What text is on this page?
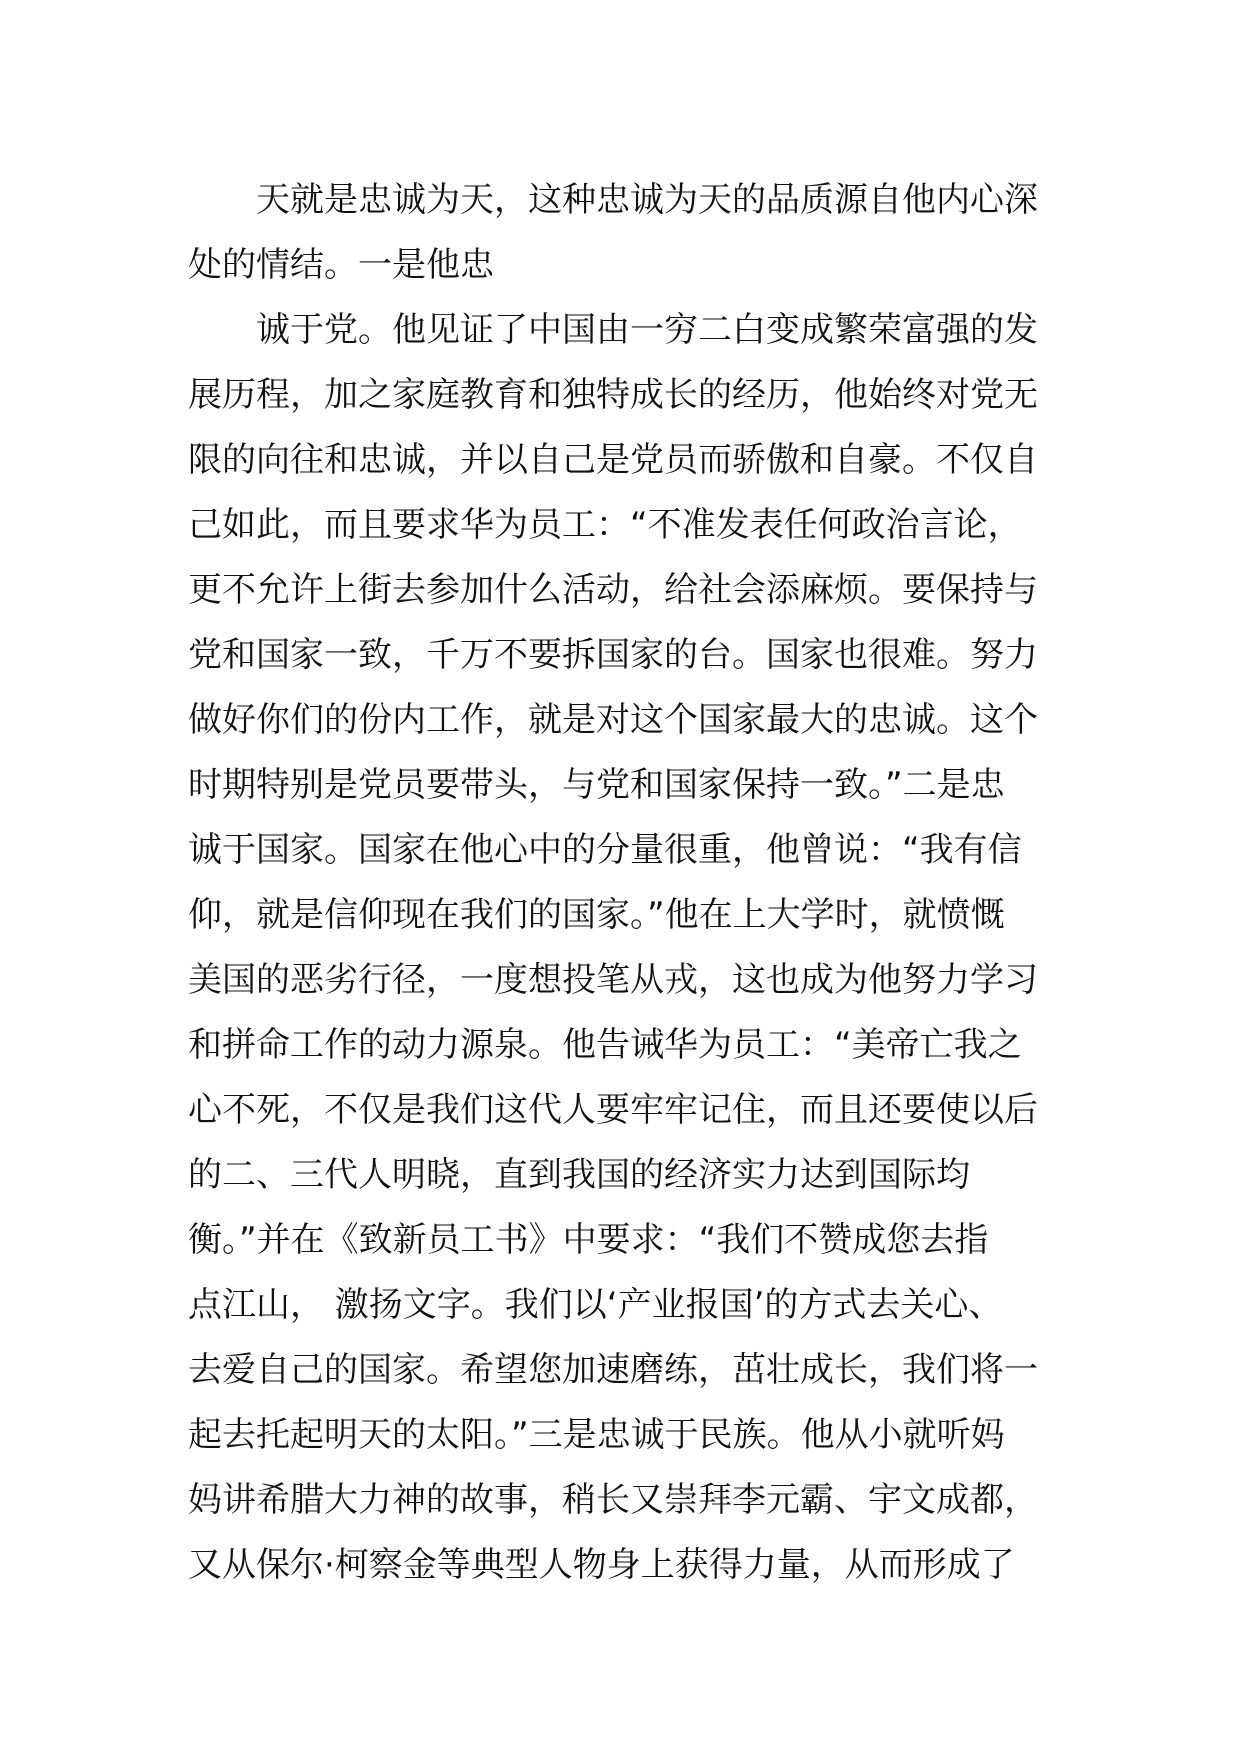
天就是忠诚为天，这种忠诚为天的品质源自他内心深
处的情结。一是他忠
诚于党。他见证了中国由一穷二白变成繁荣富强的发
展历程，加之家庭教育和独特成长的经历，他始终对党无
限的向往和忠诚，并以自己是党员而骄傲和自豪。不仅自
己如此，而且要求华为员工：“不准发表任何政治言论，
更不允许上街去参加什么活动，给社会添麻烦。要保持与
党和国家一致，千万不要拆国家的台。国家也很难。努力
做好你们的份内工作，就是对这个国家最大的忠诚。这个
时期特别是党员要带头，与党和国家保持一致。”二是忠
诚于国家。国家在他心中的分量很重，他曾说：“我有信
仰，就是信仰现在我们的国家。”他在上大学时，就愤慨
美国的恶劣行径，一度想投笔从戎，这也成为他努力学习
和拼命工作的动力源泉。他告诫华为员工：“美帝亡我之
心不死，不仅是我们这代人要牢牢记住，而且还要使以后
的二、三代人明晓，直到我国的经济实力达到国际均
衡。”并在《致新员工书》中要求：“我们不赞成您去指
点江山， 激扬文字。我们以‘产业报国’的方式去关心、
去爱自己的国家。希望您加速磨练，茁壮成长，我们将一
起去托起明天的太阳。”三是忠诚于民族。他从小就听妈
妈讲希腊大力神的故事，稍长又崇拜李元霸、宇文成都，
又从保尔·柯察金等典型人物身上获得力量，从而形成了
